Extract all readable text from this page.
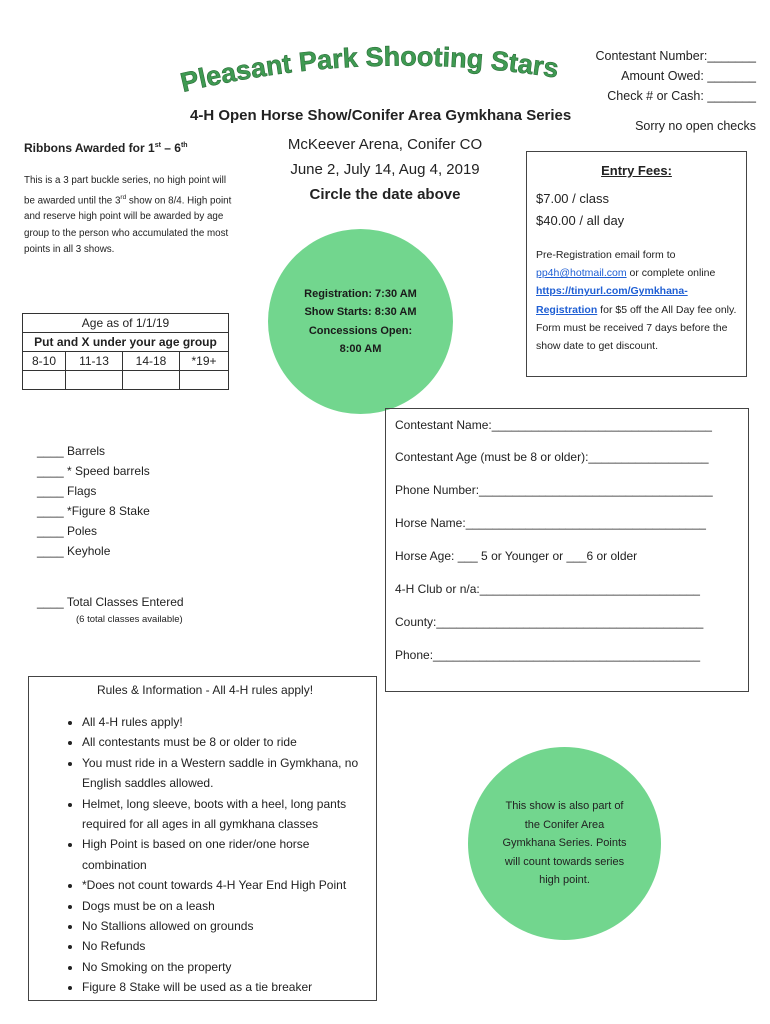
Pleasant Park Shooting Stars	Contestant Number:_______
Amount Owed: _______
Check # or Cash: _______
Sorry no open checks
4-H Open Horse Show/Conifer Area Gymkhana Series
McKeever Arena, Conifer CO
June 2, July 14, Aug 4, 2019
Circle the date above
Ribbons Awarded for 1st – 6th
This is a 3 part buckle series, no high point will be awarded until the 3rd show on 8/4. High point and reserve high point will be awarded by age group to the person who accumulated the most points in all 3 shows.
Registration: 7:30 AM
Show Starts: 8:30 AM
Concessions Open:
8:00 AM
Age as of 1/1/19			
Put and X under your age group			
8-10	11-13	14-18	*19+

Entry Fees:
$7.00 / class
$40.00 / all day
Pre-Registration email form to
pp4h@hotmail.com or complete online https://tinyurl.com/Gymkhana-Registration for $5 off the All Day fee only. Form must be received 7 days before the show date to get discount.
____ Barrels
____ * Speed barrels
____ Flags
____ *Figure 8 Stake
____ Poles
____ Keyhole
____ Total Classes Entered
(6 total classes available)
Contestant Name:_________________________________
Contestant Age (must be 8 or older):__________________
Phone Number:___________________________________
Horse Name:____________________________________
Horse Age: ___ 5 or Younger or ___6 or older
4-H Club or n/a:_________________________________
County:________________________________________
Phone:________________________________________
Rules & Information - All 4-H rules apply!
• All 4-H rules apply!
• All contestants must be 8 or older to ride
• You must ride in a Western saddle in Gymkhana, no English saddles allowed.
• Helmet, long sleeve, boots with a heel, long pants required for all ages in all gymkhana classes
• High Point is based on one rider/one horse combination
• *Does not count towards 4-H Year End High Point
• Dogs must be on a leash
• No Stallions allowed on grounds
• No Refunds
• No Smoking on the property
• Figure 8 Stake will be used as a tie breaker
This show is also part of the Conifer Area Gymkhana Series. Points will count towards series high point.
